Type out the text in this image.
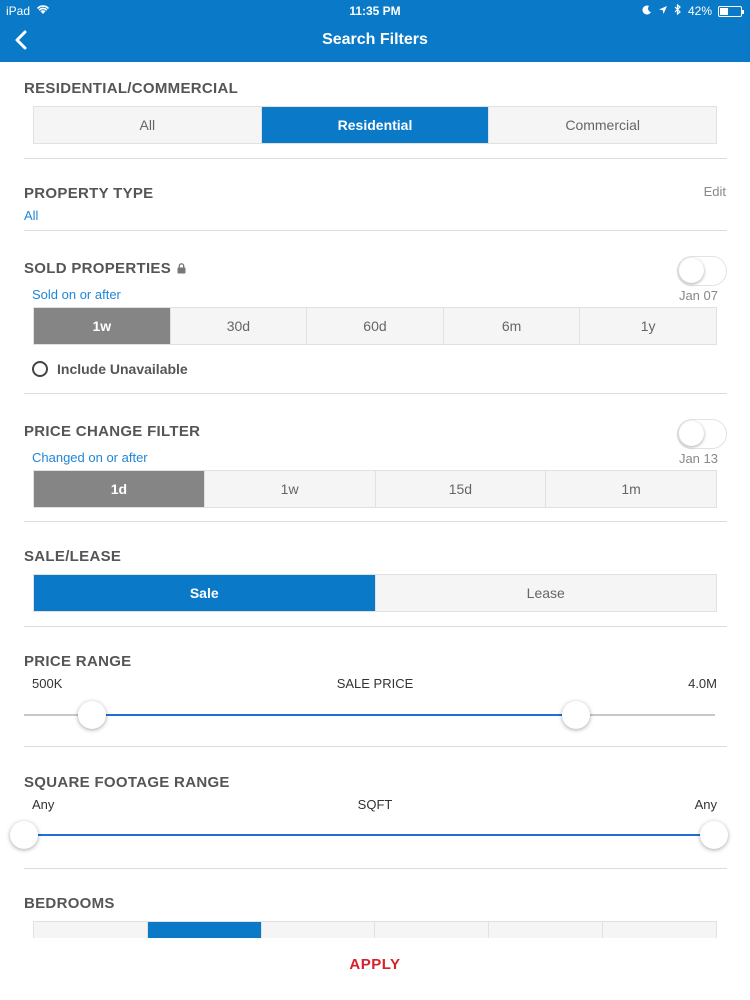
iPad	11:35 PM	42%
Search Filters
RESIDENTIAL/COMMERCIAL
All	Residential	Commercial
PROPERTY TYPE	Edit
All
SOLD PROPERTIES
Sold on or after	Jan 07
1w	30d	60d	6m	1y
Include Unavailable
PRICE CHANGE FILTER
Changed on or after	Jan 13
1d	1w	15d	1m
SALE/LEASE
Sale	Lease
PRICE RANGE
500K	SALE PRICE	4.0M
SQUARE FOOTAGE RANGE
Any	SQFT	Any
BEDROOMS
APPLY
